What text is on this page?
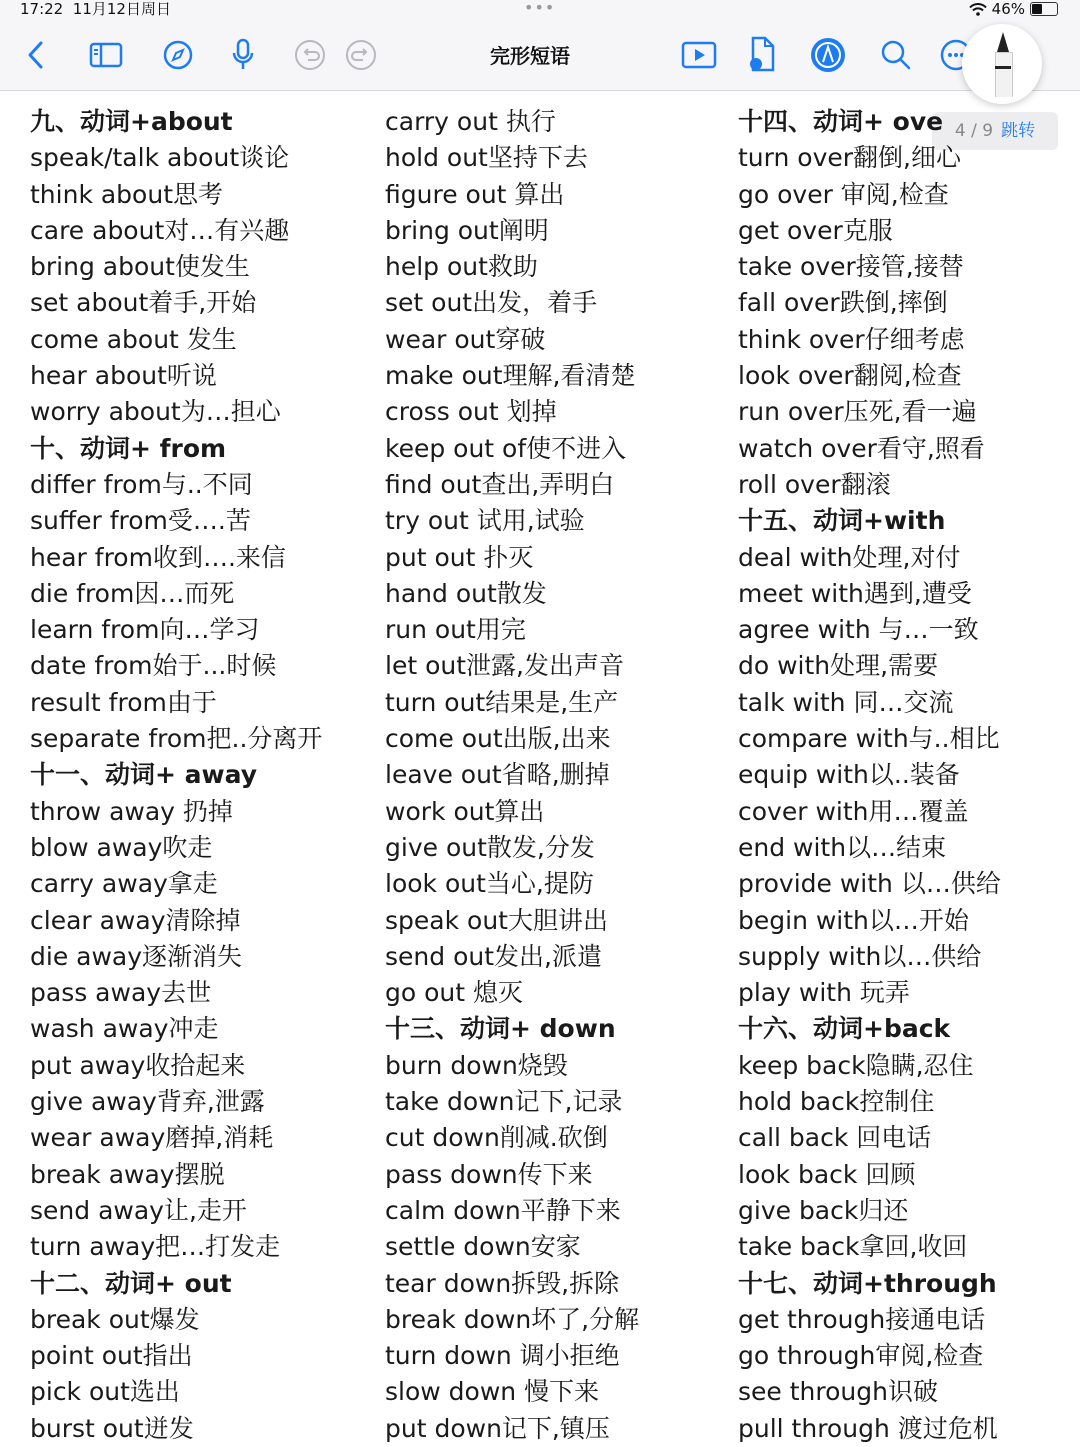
17:22 11月12日周日	•••	46%
完形短语
4 / 9 跳转
九、动词+about
speak/talk about谈论
think about思考
care about对…有兴趣
bring about使发生
set about着手,开始
come about 发生
hear about听说
worry about为…担心
十、动词+ from
differ from与..不同
suffer from受….苦
hear from收到….来信
die from因…而死
learn from向…学习
date from始于...时候
result from由于
separate from把..分离开
十一、动词+ away
throw away 扔掉
blow away吹走
carry away拿走
clear away清除掉
die away逐渐消失
pass away去世
wash away冲走
put away收拾起来
give away背弃,泄露
wear away磨掉,消耗
break away摆脱
send away让,走开
turn away把…打发走
十二、动词+ out
break out爆发
point out指出
pick out选出
burst out迸发
carry out 执行
hold out坚持下去
figure out 算出
bring out阐明
help out救助
set out出发，着手
wear out穿破
make out理解,看清楚
cross out 划掉
keep out of使不进入
find out查出,弄明白
try out 试用,试验
put out 扑灭
hand out散发
run out用完
let out泄露,发出声音
turn out结果是,生产
come out出版,出来
leave out省略,删掉
work out算出
give out散发,分发
look out当心,提防
speak out大胆讲出
send out发出,派遣
go out 熄灭
十三、动词+ down
burn down烧毁
take down记下,记录
cut down削减.砍倒
pass down传下来
calm down平静下来
settle down安家
tear down拆毁,拆除
break down坏了,分解
turn down 调小拒绝
slow down 慢下来
put down记下,镇压
十四、动词+ ove
turn over翻倒,细心
go over 审阅,检查
get over克服
take over接管,接替
fall over跌倒,摔倒
think over仔细考虑
look over翻阅,检查
run over压死,看一遍
watch over看守,照看
roll over翻滚
十五、动词+with
deal with处理,对付
meet with遇到,遭受
agree with 与…一致
do with处理,需要
talk with 同…交流
compare with与..相比
equip with以..装备
cover with用…覆盖
end with以…结束
provide with 以…供给
begin with以…开始
supply with以…供给
play with 玩弄
十六、动词+back
keep back隐瞒,忍住
hold back控制住
call back 回电话
look back 回顾
give back归还
take back拿回,收回
十七、动词+through
get through接通电话
go through审阅,检查
see through识破
pull through 渡过危机
